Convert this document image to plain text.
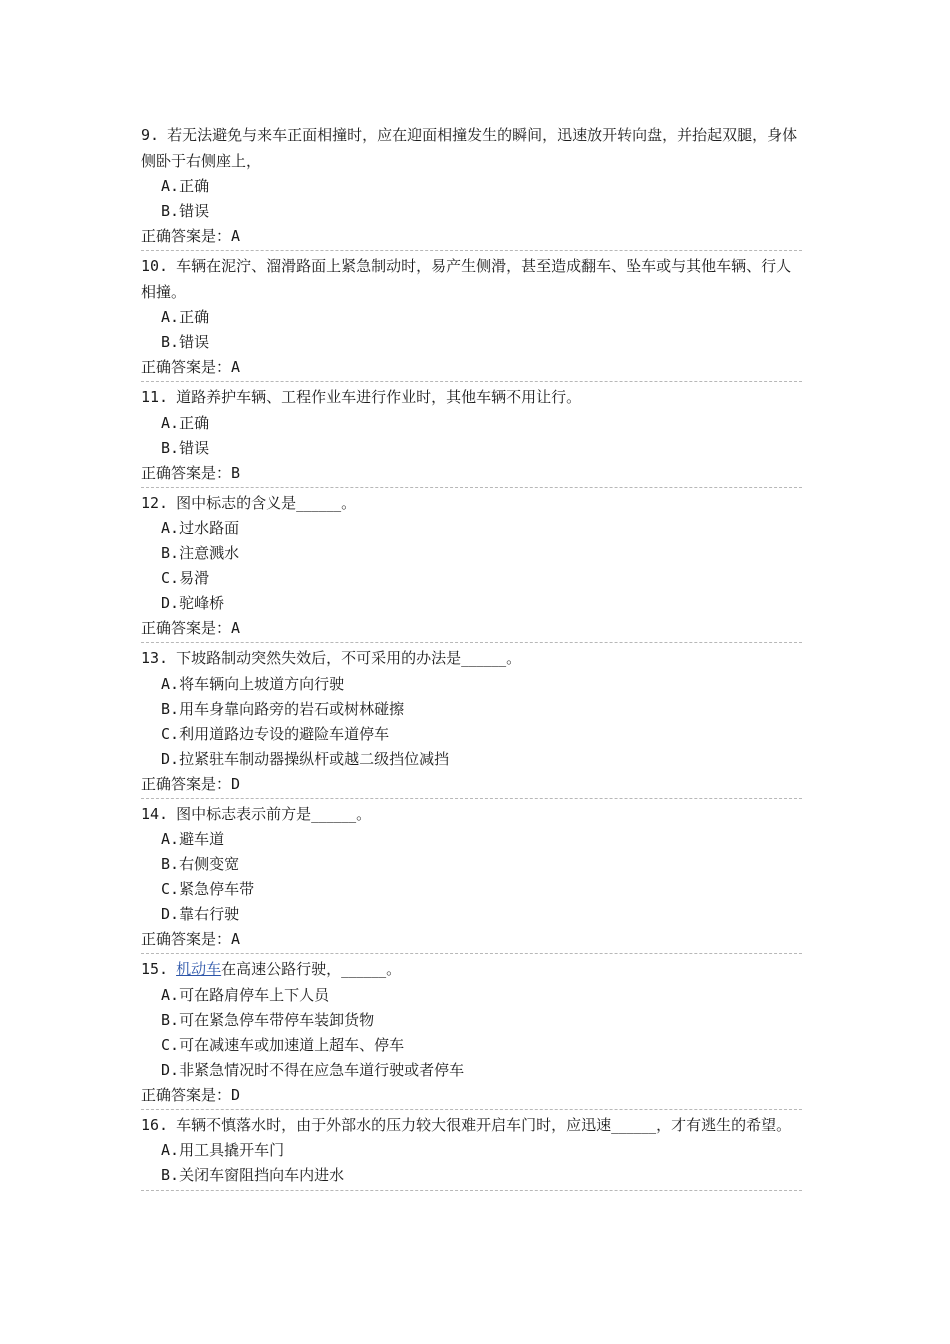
9. 若无法避免与来车正面相撞时，应在迎面相撞发生的瞬间，迅速放开转向盘，并抬起双腿，身体侧卧于右侧座上，

A.正确
B.错误
正确答案是：A

10. 车辆在泥泞、溜滑路面上紧急制动时，易产生侧滑，甚至造成翻车、坠车或与其他车辆、行人相撞。

A.正确
B.错误
正确答案是：A

11. 道路养护车辆、工程作业车进行作业时，其他车辆不用让行。

A.正确
B.错误
正确答案是：B

12. 图中标志的含义是______。

A.过水路面
B.注意溅水
C.易滑
D.驼峰桥
正确答案是：A

13. 下坡路制动突然失效后，不可采用的办法是______。

A.将车辆向上坡道方向行驶
B.用车身靠向路旁的岩石或树林碰擦
C.利用道路边专设的避险车道停车
D.拉紧驻车制动器操纵杆或越二级挡位减挡
正确答案是：D

14. 图中标志表示前方是______。

A.避车道
B.右侧变宽
C.紧急停车带
D.靠右行驶
正确答案是：A

15. 机动车在高速公路行驶，______。

A.可在路肩停车上下人员
B.可在紧急停车带停车装卸货物
C.可在减速车或加速道上超车、停车
D.非紧急情况时不得在应急车道行驶或者停车
正确答案是：D

16. 车辆不慎落水时，由于外部水的压力较大很难开启车门时，应迅速______，才有逃生的希望。

A.用工具撬开车门
B.关闭车窗阻挡向车内进水
